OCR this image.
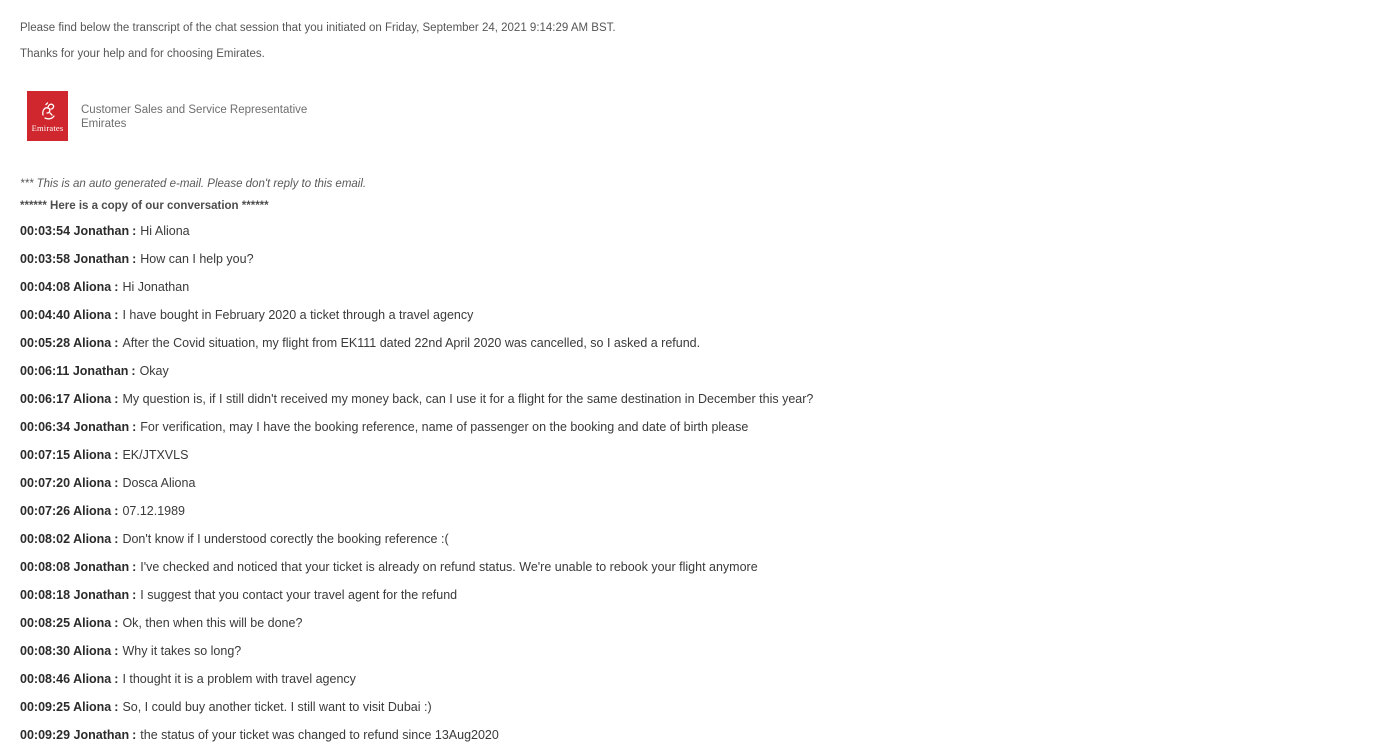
Please find below the transcript of the chat session that you initiated on Friday, September 24, 2021 9:14:29 AM BST.

Thanks for your help and for choosing Emirates.

Emirates
Customer Sales and Service Representative
Emirates

*** This is an auto generated e-mail. Please don't reply to this email.

****** Here is a copy of our conversation ******

00:03:54 Jonathan : Hi Aliona
00:03:58 Jonathan : How can I help you?
00:04:08 Aliona : Hi Jonathan
00:04:40 Aliona : I have bought in February 2020 a ticket through a travel agency
00:05:28 Aliona : After the Covid situation, my flight from EK111 dated 22nd April 2020 was cancelled, so I asked a refund.
00:06:11 Jonathan : Okay
00:06:17 Aliona : My question is, if I still didn't received my money back, can I use it for a flight for the same destination in December this year?
00:06:34 Jonathan : For verification, may I have the booking reference, name of passenger on the booking and date of birth please
00:07:15 Aliona : EK/JTXVLS
00:07:20 Aliona : Dosca Aliona
00:07:26 Aliona : 07.12.1989
00:08:02 Aliona : Don't know if I understood corectly the booking reference :(
00:08:08 Jonathan : I've checked and noticed that your ticket is already on refund status. We're unable to rebook your flight anymore
00:08:18 Jonathan : I suggest that you contact your travel agent for the refund
00:08:25 Aliona : Ok, then when this will be done?
00:08:30 Aliona : Why it takes so long?
00:08:46 Aliona : I thought it is a problem with travel agency
00:09:25 Aliona : So, I could buy another ticket. I still want to visit Dubai :)
00:09:29 Jonathan : the status of your ticket was changed to refund since 13Aug2020
